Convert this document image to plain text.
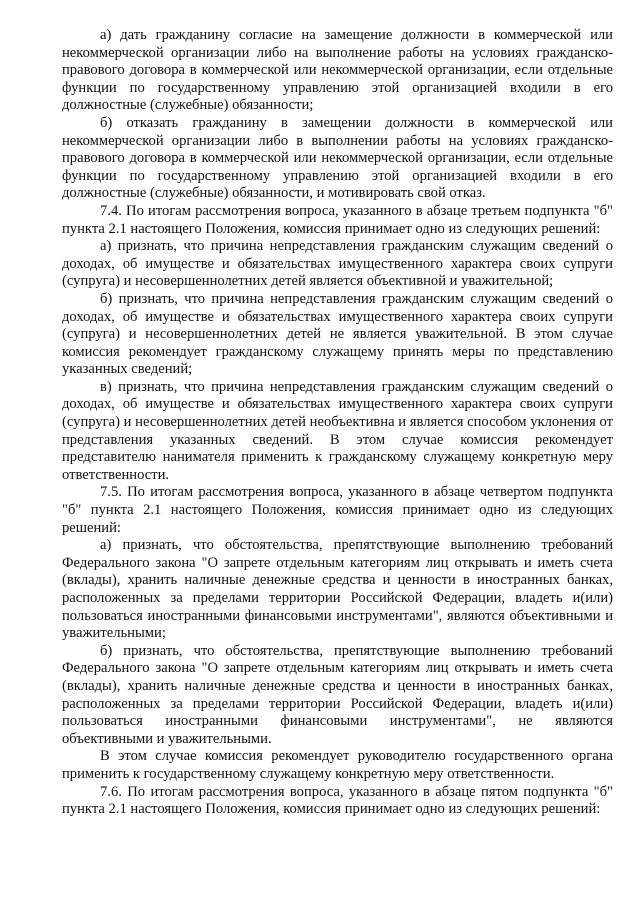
а) дать гражданину согласие на замещение должности в коммерческой или некоммерческой организации либо на выполнение работы на условиях гражданско-правового договора в коммерческой или некоммерческой организации, если отдельные функции по государственному управлению этой организацией входили в его должностные (служебные) обязанности;

б) отказать гражданину в замещении должности в коммерческой или некоммерческой организации либо в выполнении работы на условиях гражданско-правового договора в коммерческой или некоммерческой организации, если отдельные функции по государственному управлению этой организацией входили в его должностные (служебные) обязанности, и мотивировать свой отказ.

7.4. По итогам рассмотрения вопроса, указанного в абзаце третьем подпункта "б" пункта 2.1 настоящего Положения, комиссия принимает одно из следующих решений:

а) признать, что причина непредставления гражданским служащим сведений о доходах, об имуществе и обязательствах имущественного характера своих супруги (супруга) и несовершеннолетних детей является объективной и уважительной;

б) признать, что причина непредставления гражданским служащим сведений о доходах, об имуществе и обязательствах имущественного характера своих супруги (супруга) и несовершеннолетних детей не является уважительной. В этом случае комиссия рекомендует гражданскому служащему принять меры по представлению указанных сведений;

в) признать, что причина непредставления гражданским служащим сведений о доходах, об имуществе и обязательствах имущественного характера своих супруги (супруга) и несовершеннолетних детей необъективна и является способом уклонения от представления указанных сведений. В этом случае комиссия рекомендует представителю нанимателя применить к гражданскому служащему конкретную меру ответственности.

7.5. По итогам рассмотрения вопроса, указанного в абзаце четвертом подпункта "б" пункта 2.1 настоящего Положения, комиссия принимает одно из следующих решений:

а) признать, что обстоятельства, препятствующие выполнению требований Федерального закона "О запрете отдельным категориям лиц открывать и иметь счета (вклады), хранить наличные денежные средства и ценности в иностранных банках, расположенных за пределами территории Российской Федерации, владеть и(или) пользоваться иностранными финансовыми инструментами", являются объективными и уважительными;

б) признать, что обстоятельства, препятствующие выполнению требований Федерального закона "О запрете отдельным категориям лиц открывать и иметь счета (вклады), хранить наличные денежные средства и ценности в иностранных банках, расположенных за пределами территории Российской Федерации, владеть и(или) пользоваться иностранными финансовыми инструментами", не являются объективными и уважительными.

В этом случае комиссия рекомендует руководителю государственного органа применить к государственному служащему конкретную меру ответственности.

7.6. По итогам рассмотрения вопроса, указанного в абзаце пятом подпункта "б" пункта 2.1 настоящего Положения, комиссия принимает одно из следующих решений:
